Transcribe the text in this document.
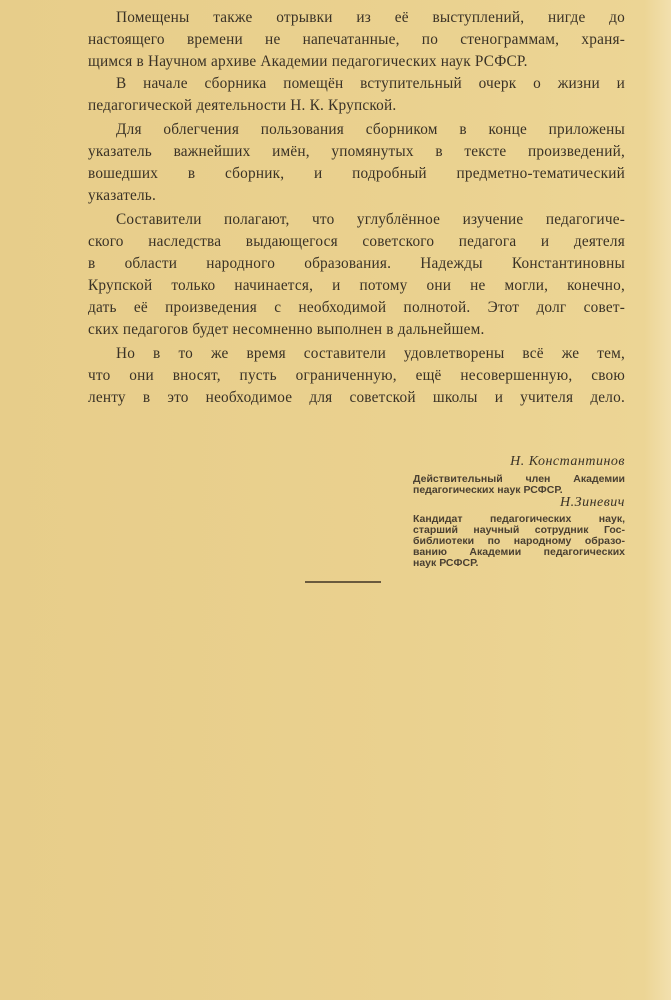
Помещены также отрывки из её выступлений, нигде до
настоящего времени не напечатанные, по стенограммам, храня-
щимся в Научном архиве Академии педагогических наук РСФСР.
В начале сборника помещён вступительный очерк о жизни и
педагогической деятельности Н. К. Крупской.
Для облегчения пользования сборником в конце приложены
указатель важнейших имён, упомянутых в тексте произведений,
вошедших в сборник, и подробный предметно-тематический
указатель.
Составители полагают, что углублённое изучение педагогиче-
ского наследства выдающегося советского педагога и деятеля
в области народного образования. Надежды Константиновны
Крупской только начинается, и потому они не могли, конечно,
дать её произведения с необходимой полнотой. Этот долг совет-
ских педагогов будет несомненно выполнен в дальнейшем.
Но в то же время составители удовлетворены всё же тем,
что они вносят, пусть ограниченную, ещё несовершенную, свою
ленту в это необходимое для советской школы и учителя дело.
Н. Константинов
Действительный член Академии
педагогических наук РСФСР.
Н.Зиневич
Кандидат педагогических наук,
старший научный сотрудник Гос-
библиотеки по народному образо-
ванию Академии педагогических
наук РСФСР.
